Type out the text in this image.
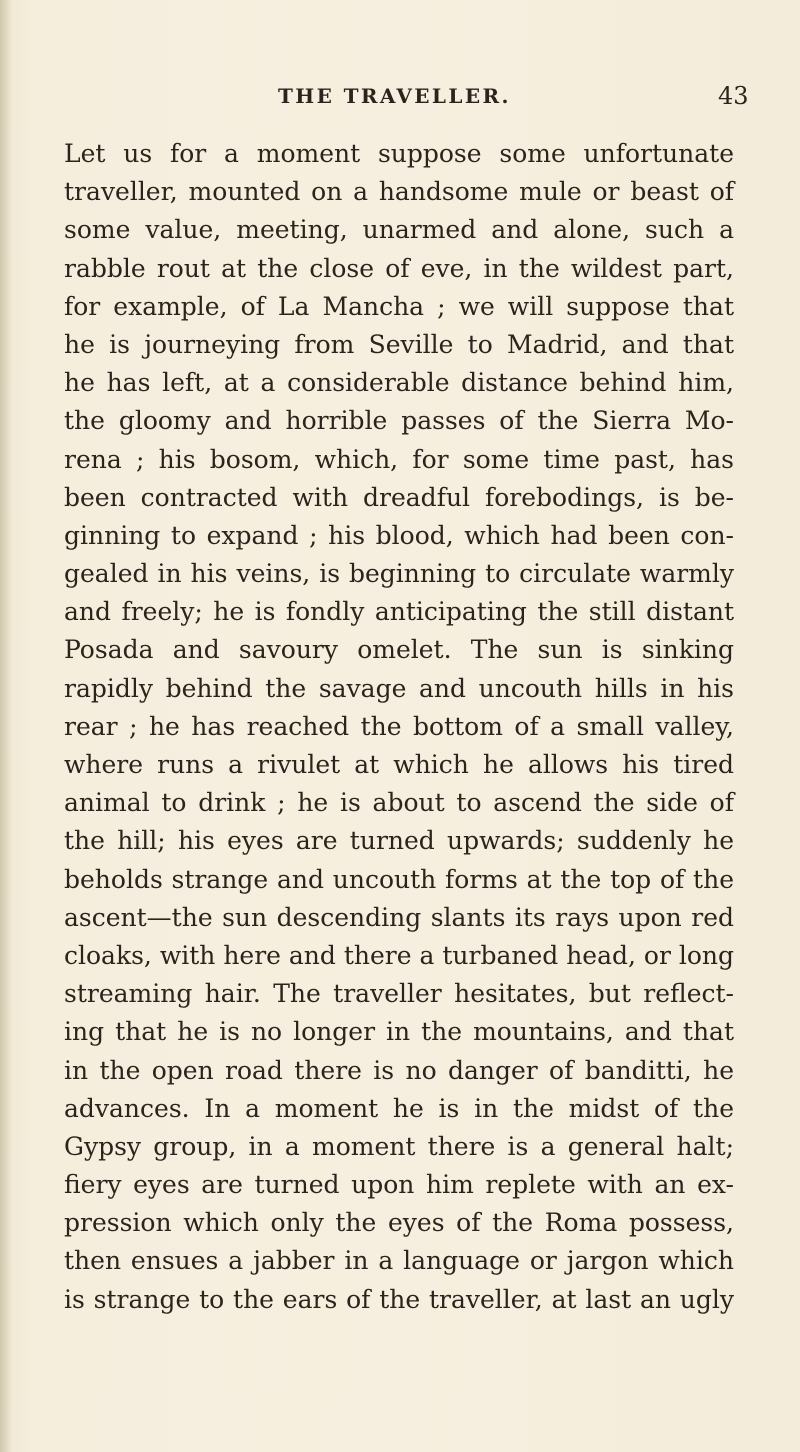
THE TRAVELLER.	43
Let us for a moment suppose some unfortunate
traveller, mounted on a handsome mule or beast of
some value, meeting, unarmed and alone, such a
rabble rout at the close of eve, in the wildest part,
for example, of La Mancha ; we will suppose that
he is journeying from Seville to Madrid, and that
he has left, at a considerable distance behind him,
the gloomy and horrible passes of the Sierra Mo-
rena ; his bosom, which, for some time past, has
been contracted with dreadful forebodings, is be-
ginning to expand ; his blood, which had been con-
gealed in his veins, is beginning to circulate warmly
and freely; he is fondly anticipating the still distant
Posada and savoury omelet. The sun is sinking
rapidly behind the savage and uncouth hills in his
rear ; he has reached the bottom of a small valley,
where runs a rivulet at which he allows his tired
animal to drink ; he is about to ascend the side of
the hill; his eyes are turned upwards; suddenly he
beholds strange and uncouth forms at the top of the
ascent—the sun descending slants its rays upon red
cloaks, with here and there a turbaned head, or long
streaming hair. The traveller hesitates, but reflect-
ing that he is no longer in the mountains, and that
in the open road there is no danger of banditti, he
advances. In a moment he is in the midst of the
Gypsy group, in a moment there is a general halt;
fiery eyes are turned upon him replete with an ex-
pression which only the eyes of the Roma possess,
then ensues a jabber in a language or jargon which
is strange to the ears of the traveller, at last an ugly
